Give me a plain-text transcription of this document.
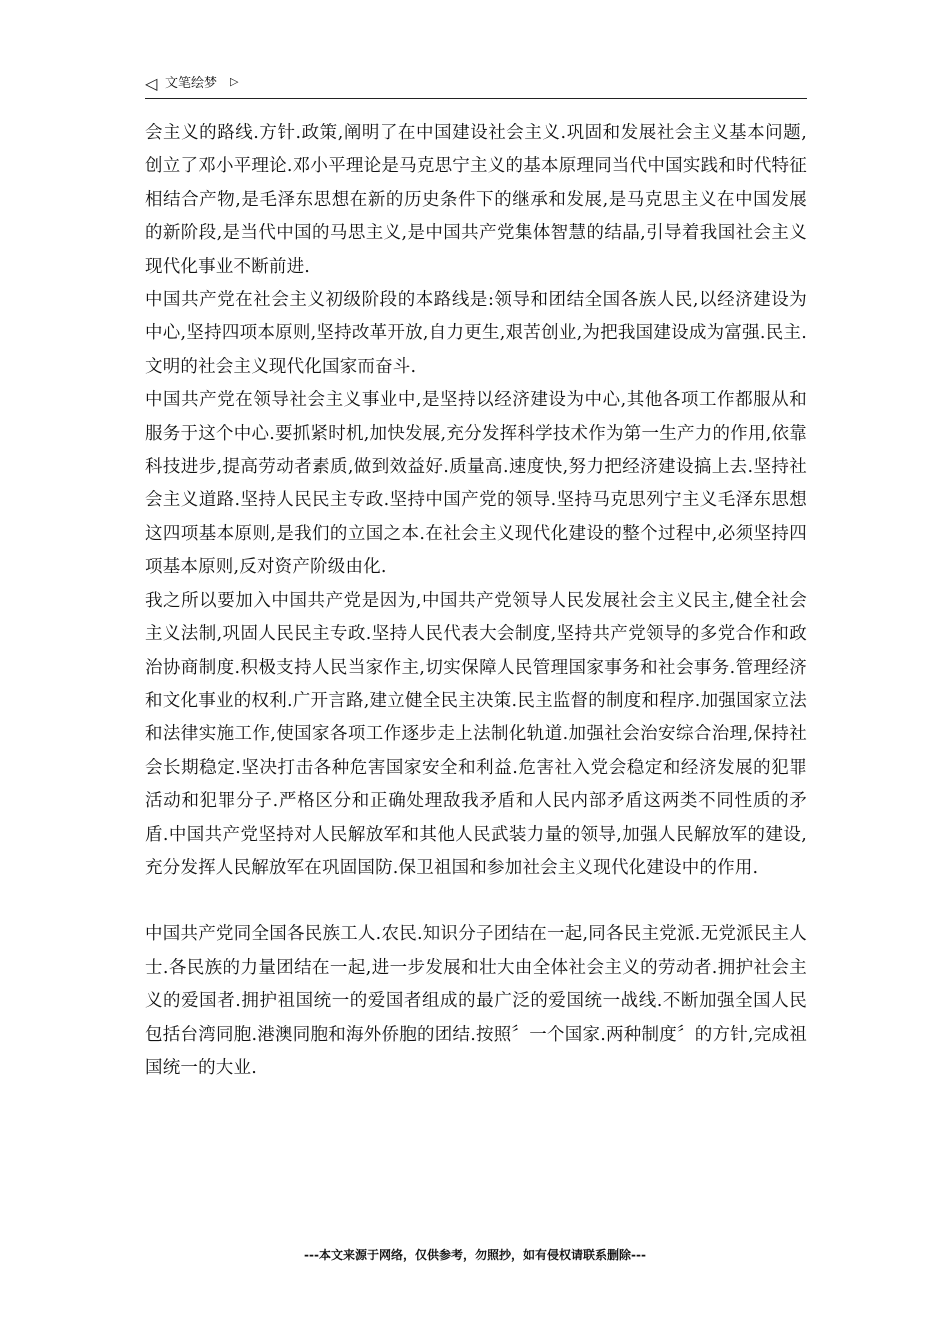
◁ 文笔绘梦 ▷

会主义的路线.方针.政策,阐明了在中国建设社会主义.巩固和发展社会主义基本问题,创立了邓小平理论.邓小平理论是马克思宁主义的基本原理同当代中国实践和时代特征相结合产物,是毛泽东思想在新的历史条件下的继承和发展,是马克思主义在中国发展的新阶段,是当代中国的马思主义,是中国共产党集体智慧的结晶,引导着我国社会主义现代化事业不断前进.

中国共产党在社会主义初级阶段的本路线是:领导和团结全国各族人民,以经济建设为中心,坚持四项本原则,坚持改革开放,自力更生,艰苦创业,为把我国建设成为富强.民主.文明的社会主义现代化国家而奋斗.

中国共产党在领导社会主义事业中,是坚持以经济建设为中心,其他各项工作都服从和服务于这个中心.要抓紧时机,加快发展,充分发挥科学技术作为第一生产力的作用,依靠科技进步,提高劳动者素质,做到效益好.质量高.速度快,努力把经济建设搞上去.坚持社会主义道路.坚持人民民主专政.坚持中国产党的领导.坚持马克思列宁主义毛泽东思想这四项基本原则,是我们的立国之本.在社会主义现代化建设的整个过程中,必须坚持四项基本原则,反对资产阶级由化.

我之所以要加入中国共产党是因为,中国共产党领导人民发展社会主义民主,健全社会主义法制,巩固人民民主专政.坚持人民代表大会制度,坚持共产党领导的多党合作和政治协商制度.积极支持人民当家作主,切实保障人民管理国家事务和社会事务.管理经济和文化事业的权利.广开言路,建立健全民主决策.民主监督的制度和程序.加强国家立法和法律实施工作,使国家各项工作逐步走上法制化轨道.加强社会治安综合治理,保持社会长期稳定.坚决打击各种危害国家安全和利益.危害社入党会稳定和经济发展的犯罪活动和犯罪分子.严格区分和正确处理敌我矛盾和人民内部矛盾这两类不同性质的矛盾.中国共产党坚持对人民解放军和其他人民武装力量的领导,加强人民解放军的建设,充分发挥人民解放军在巩固国防.保卫祖国和参加社会主义现代化建设中的作用.

中国共产党同全国各民族工人.农民.知识分子团结在一起,同各民主党派.无党派民主人士.各民族的力量团结在一起,进一步发展和壮大由全体社会主义的劳动者.拥护社会主义的爱国者.拥护祖国统一的爱国者组成的最广泛的爱国统一战线.不断加强全国人民包括台湾同胞.港澳同胞和海外侨胞的团结.按照〞一个国家.两种制度〞的方针,完成祖国统一的大业.

---本文来源于网络，仅供参考，勿照抄，如有侵权请联系删除---
